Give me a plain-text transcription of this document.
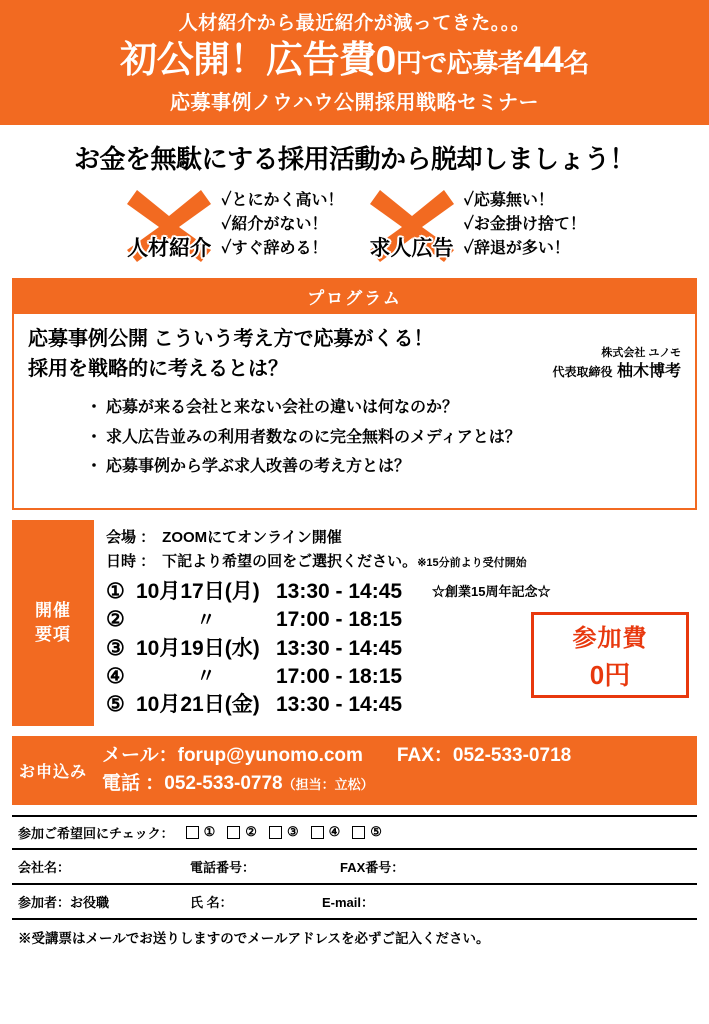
人材紹介から最近紹介が減ってきた。。。
初公開！広告費0円で応募者44名
応募事例ノウハウ公開採用戦略セミナー
お金を無駄にする採用活動から脱却しましょう！
人材紹介
✓とにかく高い！
✓紹介がない！
✓すぐ辞める！	求人広告
✓応募無い！
✓お金掛け捨て！
✓辞退が多い！
プログラム
応募事例公開 こういう考え方で応募がくる！
採用を戦略的に考えるとは？
株式会社 ユノモ
代表取締役 柚木博考
・ 応募が来る会社と来ない会社の違いは何なのか？
・ 求人広告並みの利用者数なのに完全無料のメディアとは？
・ 応募事例から学ぶ求人改善の考え方とは？
開催
要項
会場 ： ZOOMにてオンライン開催
日時 ： 下記より希望の回をご選択ください。※15分前より受付開始
① 10月17日(月) 13:30 - 14:45	☆創業15周年記念☆
②	〃	17:00 - 18:15
③ 10月19日(水) 13:30 - 14:45
④	〃	17:00 - 18:15
⑤ 10月21日(金) 13:30 - 14:45
参加費
0円
お申込み
メール：forup@yunomo.com FAX：052-533-0718
電話 ：052-533-0778（担当：立松）
参加ご希望回にチェック： ① ② ③ ④ ⑤
会社名：	電話番号：	FAX番号：
参加者：お役職	氏 名：	E-mail：
※受講票はメールでお送りしますのでメールアドレスを必ずご記入ください。
